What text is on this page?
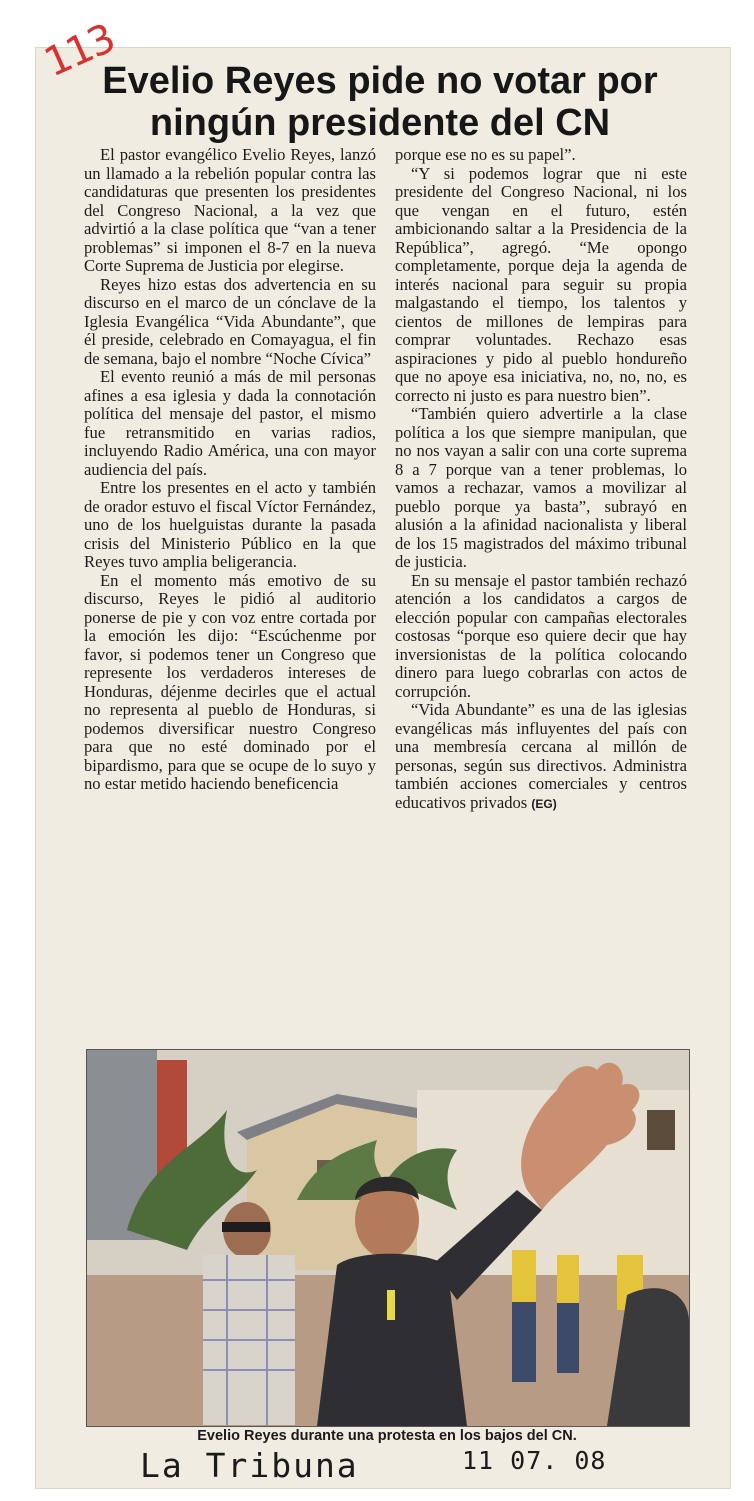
113
Evelio Reyes pide no votar por ningún presidente del CN

El pastor evangélico Evelio Reyes, lanzó un llamado a la rebelión popular contra las candidaturas que presenten los presidentes del Congreso Nacional, a la vez que advirtió a la clase política que “van a tener problemas” si imponen el 8-7 en la nueva Corte Suprema de Justicia por elegirse.

Reyes hizo estas dos advertencia en su discurso en el marco de un cónclave de la Iglesia Evangélica “Vida Abundante”, que él preside, celebrado en Comayagua, el fin de semana, bajo el nombre “Noche Cívica”

El evento reunió a más de mil personas afines a esa iglesia y dada la connotación política del mensaje del pastor, el mismo fue retransmitido en varias radios, incluyendo Radio América, una con mayor audiencia del país.

Entre los presentes en el acto y también de orador estuvo el fiscal Víctor Fernández, uno de los huelguistas durante la pasada crisis del Ministerio Público en la que Reyes tuvo amplia beligerancia.

En el momento más emotivo de su discurso, Reyes le pidió al auditorio ponerse de pie y con voz entre cortada por la emoción les dijo: “Escúchenme por favor, si podemos tener un Congreso que represente los verdaderos intereses de Honduras, déjenme decirles que el actual no representa al pueblo de Honduras, si podemos diversificar nuestro Congreso para que no esté dominado por el bipardismo, para que se ocupe de lo suyo y no estar metido haciendo beneficencia

porque ese no es su papel”.

“Y si podemos lograr que ni este presidente del Congreso Nacional, ni los que vengan en el futuro, estén ambicionando saltar a la Presidencia de la República”, agregó. “Me opongo completamente, porque deja la agenda de interés nacional para seguir su propia malgastando el tiempo, los talentos y cientos de millones de lempiras para comprar voluntades. Rechazo esas aspiraciones y pido al pueblo hondureño que no apoye esa iniciativa, no, no, no, es correcto ni justo es para nuestro bien”.

“También quiero advertirle a la clase política a los que siempre manipulan, que no nos vayan a salir con una corte suprema 8 a 7 porque van a tener problemas, lo vamos a rechazar, vamos a movilizar al pueblo porque ya basta”, subrayó en alusión a la afinidad nacionalista y liberal de los 15 magistrados del máximo tribunal de justicia.

En su mensaje el pastor también rechazó atención a los candidatos a cargos de elección popular con campañas electorales costosas “porque eso quiere decir que hay inversionistas de la política colocando dinero para luego cobrarlas con actos de corrupción.

“Vida Abundante” es una de las iglesias evangélicas más influyentes del país con una membresía cercana al millón de personas, según sus directivos. Administra también acciones comerciales y centros educativos privados (EG)

Evelio Reyes durante una protesta en los bajos del CN.

La Tribuna	11 07. 08
